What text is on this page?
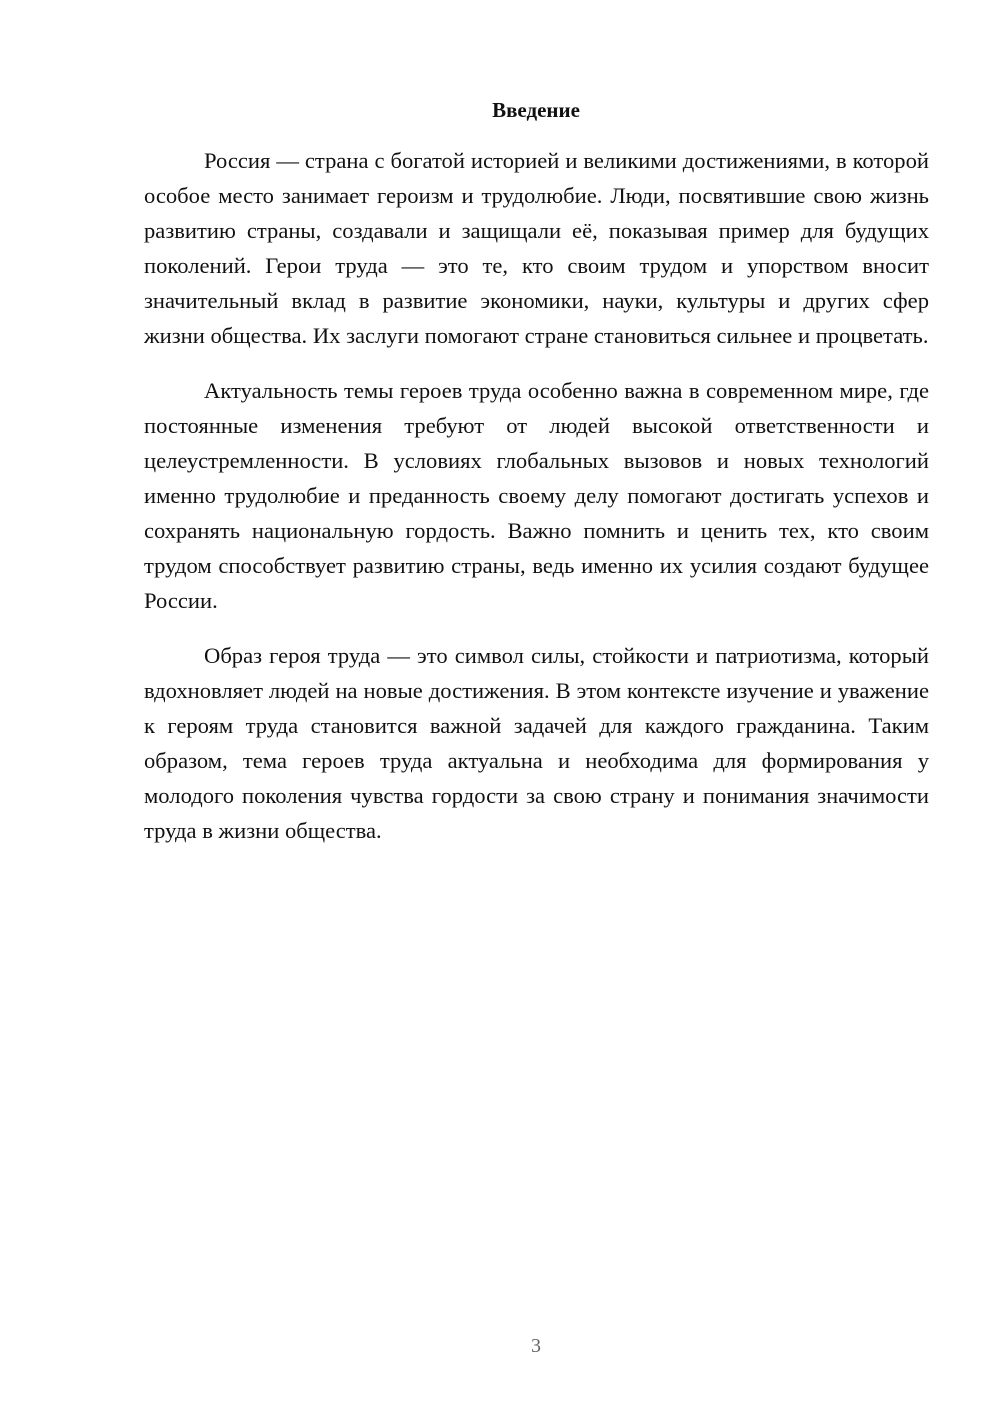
Введение

Россия — страна с богатой историей и великими достижениями, в которой особое место занимает героизм и трудолюбие. Люди, посвятившие свою жизнь развитию страны, создавали и защищали её, показывая пример для будущих поколений. Герои труда — это те, кто своим трудом и упорством вносит значительный вклад в развитие экономики, науки, культуры и других сфер жизни общества. Их заслуги помогают стране становиться сильнее и процветать.

Актуальность темы героев труда особенно важна в современном мире, где постоянные изменения требуют от людей высокой ответственности и целеустремленности. В условиях глобальных вызовов и новых технологий именно трудолюбие и преданность своему делу помогают достигать успехов и сохранять национальную гордость. Важно помнить и ценить тех, кто своим трудом способствует развитию страны, ведь именно их усилия создают будущее России.

Образ героя труда — это символ силы, стойкости и патриотизма, который вдохновляет людей на новые достижения. В этом контексте изучение и уважение к героям труда становится важной задачей для каждого гражданина. Таким образом, тема героев труда актуальна и необходима для формирования у молодого поколения чувства гордости за свою страну и понимания значимости труда в жизни общества.

3
